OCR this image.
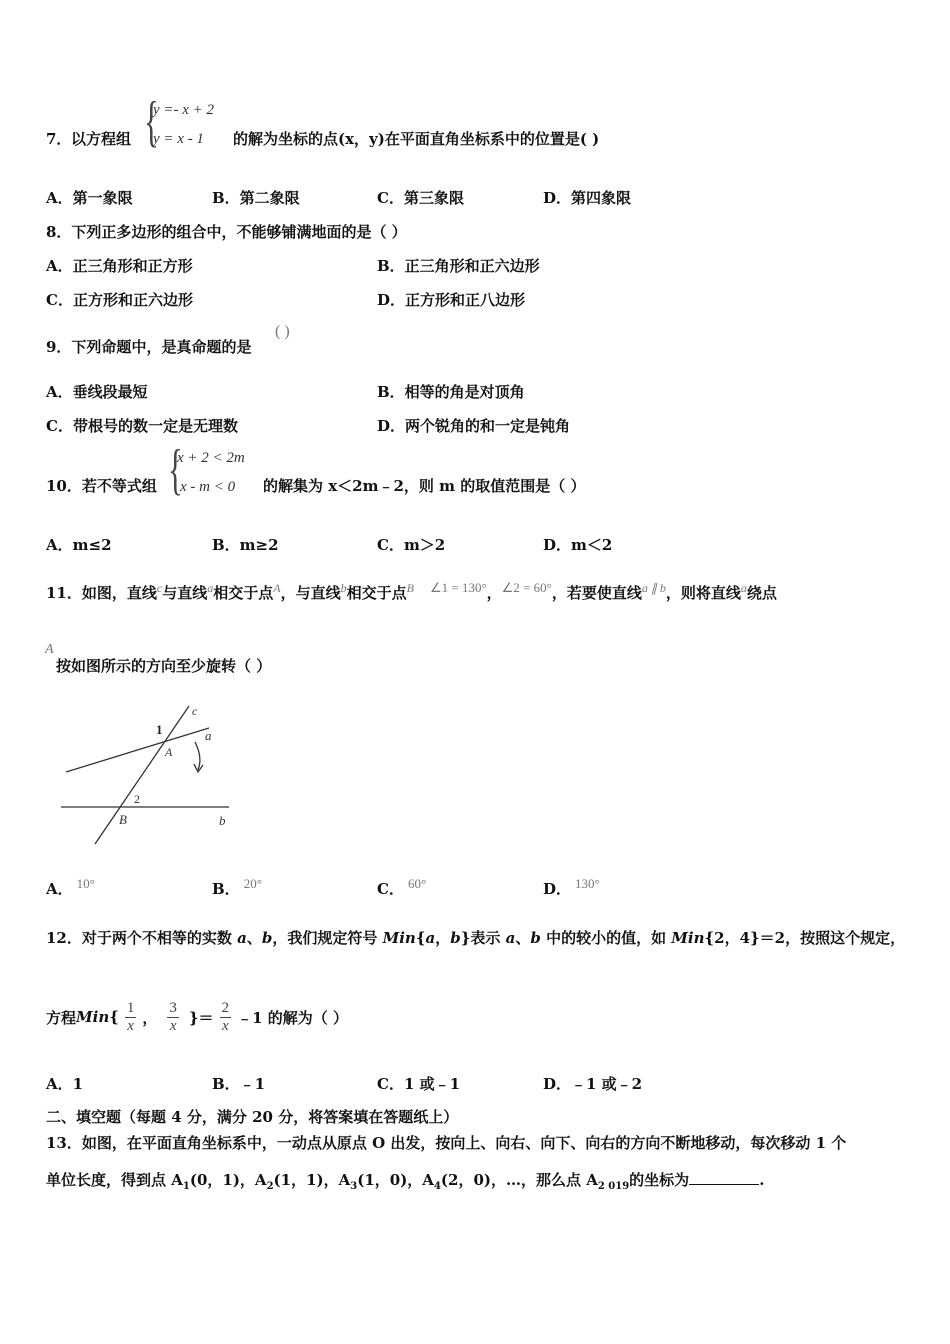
7． 以方程组 {
y =- x + 2
y = x - 1 的解为坐标的点(x，y)在平面直角坐标系中的位置是( )
A．第一象限	B．第二象限	C．第三象限	D．第四象限
8．下列正多边形的组合中，不能够铺满地面的是（ ）
A．正三角形和正方形	B．正三角形和正六边形
C．正方形和正六边形	D．正方形和正八边形
9．下列命题中，是真命题的是
( )
A．垂线段最短	B．相等的角是对顶角
C．带根号的数一定是无理数	D．两个锐角的和一定是钝角
10．若不等式组 {
x + 2 < 2m
x - m < 0 的解集为 x＜2m﹣2，则 m 的取值范围是（ ）
A．m≤2	B．m≥2	C．m＞2	D．m＜2
11．如图，直线$^c$与直线$^a$相交于点$^A$，与直线$^b$相交于点$^B$ $^{\angle 1 = 130^\circ}$，$^{\angle 2 = 60^\circ}$，若要使直线$^{a \parallel b}$，则将直线$^a$绕点
A
按如图所示的方向至少旋转（ ）
c
1
A
a
2
B	b
A． $^{10^\circ}$	B． $^{20^\circ}$	C． $^{60^\circ}$	D． $^{130^\circ}$
12．对于两个不相等的实数 a、b，我们规定符号 Min{a，b}表示 a、b 中的较小的值，如 Min{2，4}＝2，按照这个规定，
方程 Min { $\frac{1}{x}$ ， $\frac{3}{x}$ }＝ $\frac{2}{x}$ ﹣1 的解为（ ）
A．1	B．﹣1	C．1 或﹣1	D．﹣1 或﹣2
二、填空题（每题 4 分，满分 20 分，将答案填在答题纸上）
13．如图，在平面直角坐标系中，一动点从原点 O 出发，按向上、向右、向下、向右的方向不断地移动，每次移动 1 个
单位长度，得到点 $A_1(0$，1)，$A_2(1$，1)，$A_3(1$，0)，$A_4(2$，0)，…，那么点 $A_{2 019}$的坐标为	.
